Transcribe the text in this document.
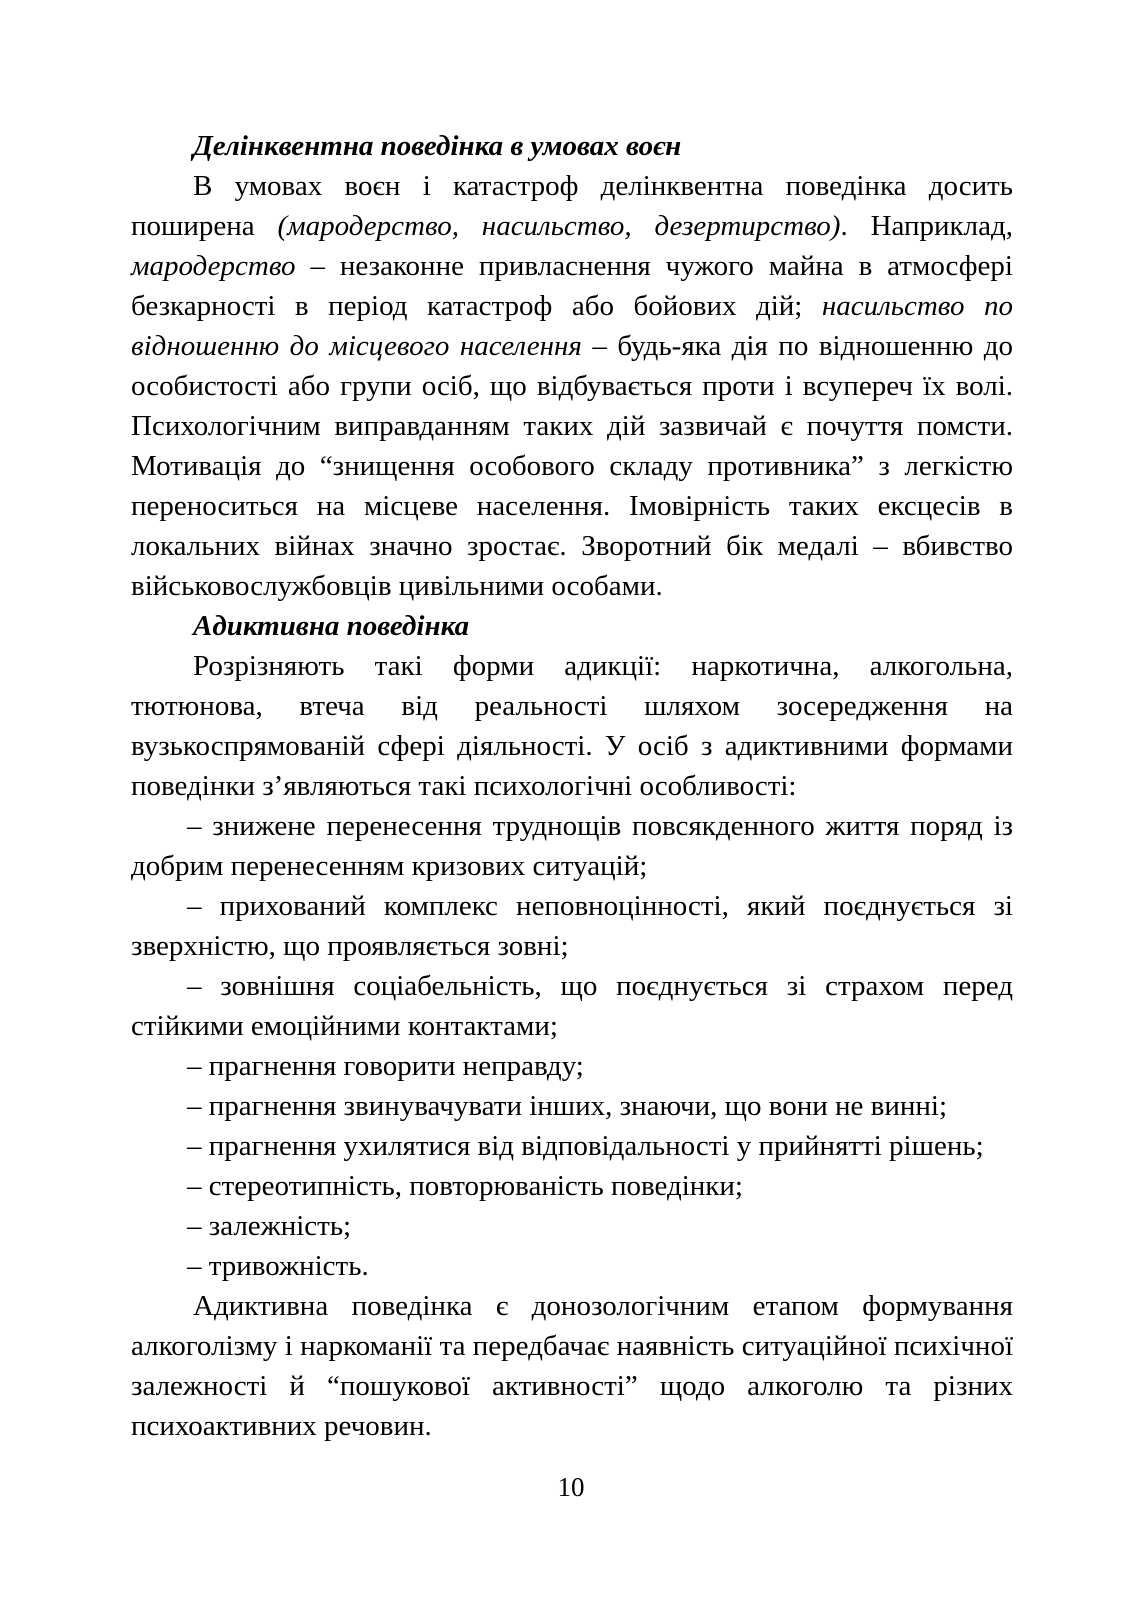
Делінквентна поведінка в умовах воєн

В умовах воєн і катастроф делінквентна поведінка досить поширена (мародерство, насильство, дезертирство). Наприклад, мародерство – незаконне привласнення чужого майна в атмосфері безкарності в період катастроф або бойових дій; насильство по відношенню до місцевого населення – будь-яка дія по відношенню до особистості або групи осіб, що відбувається проти і всупереч їх волі. Психологічним виправданням таких дій зазвичай є почуття помсти. Мотивація до “знищення особового складу противника” з легкістю переноситься на місцеве населення. Імовірність таких ексцесів в локальних війнах значно зростає. Зворотний бік медалі – вбивство військовослужбовців цивільними особами.

Адиктивна поведінка

Розрізняють такі форми адикції: наркотична, алкогольна, тютюнова, втеча від реальності шляхом зосередження на вузькоспрямованій сфері діяльності. У осіб з адиктивними формами поведінки з’являються такі психологічні особливості:

– знижене перенесення труднощів повсякденного життя поряд із добрим перенесенням кризових ситуацій;

– прихований комплекс неповноцінності, який поєднується зі зверхністю, що проявляється зовні;

– зовнішня соціабельність, що поєднується зі страхом перед стійкими емоційними контактами;

– прагнення говорити неправду;

– прагнення звинувачувати інших, знаючи, що вони не винні;

– прагнення ухилятися від відповідальності у прийнятті рішень;

– стереотипність, повторюваність поведінки;

– залежність;

– тривожність.

Адиктивна поведінка є донозологічним етапом формування алкоголізму і наркоманії та передбачає наявність ситуаційної психічної залежності й “пошукової активності” щодо алкоголю та різних психоактивних речовин.

10
